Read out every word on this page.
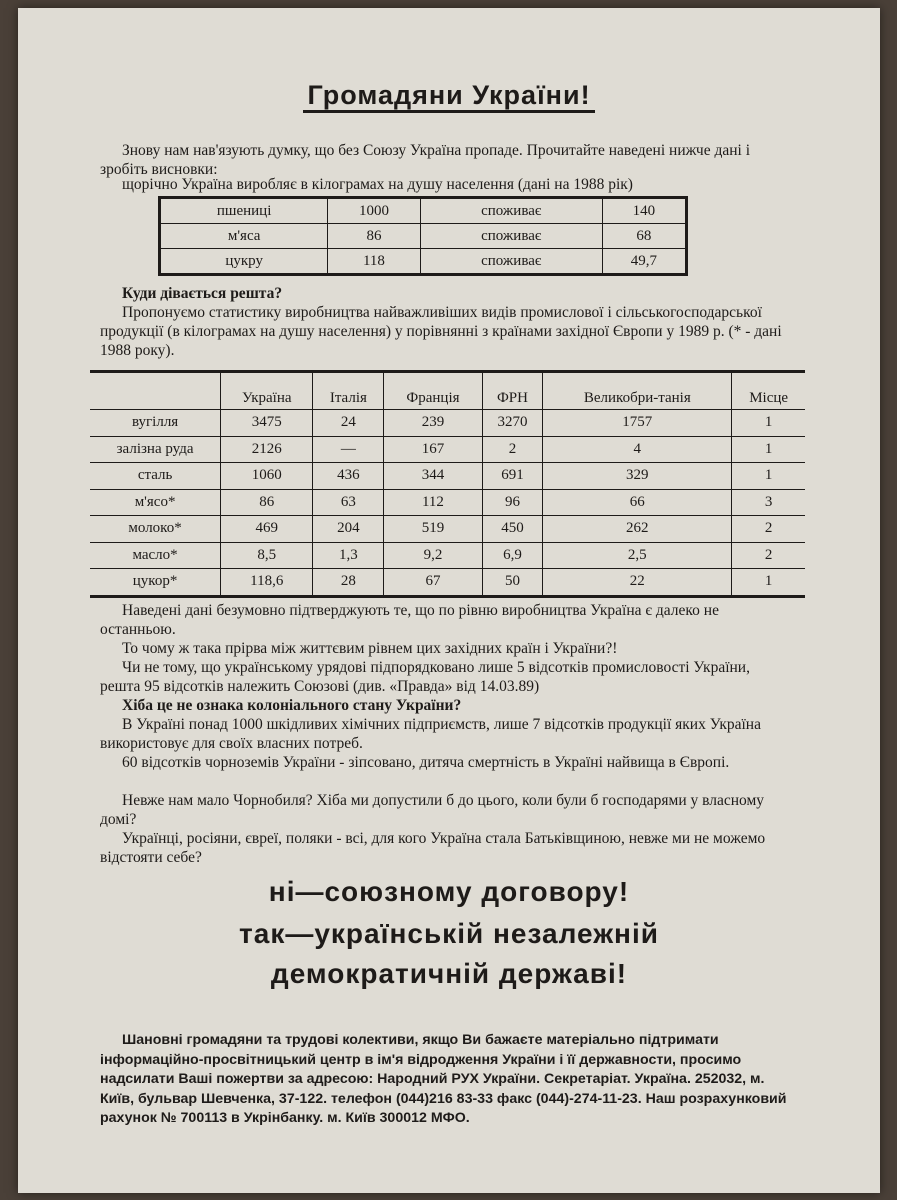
Громадяни України!
Знову нам нав'язують думку, що без Союзу Україна пропаде. Прочитайте наведені нижче дані і зробіть висновки:
щорічно Україна виробляє в кілограмах на душу населення (дані на 1988 рік)
пшениці	1000	споживає	140
м'яса	86	споживає	68
цукру	118	споживає	49,7
Куди дівається решта?
Пропонуємо статистику виробництва найважливіших видів промислової і сільськогосподарської продукції (в кілограмах на душу населення) у порівнянні з країнами західної Європи у 1989 р. (* - дані 1988 року).
	Україна	Італія	Франція	ФРН	Великобри-танія	Місце
вугілля	3475	24	239	3270	1757	1
залізна руда	2126	—	167	2	4	1
сталь	1060	436	344	691	329	1
м'ясо*	86	63	112	96	66	3
молоко*	469	204	519	450	262	2
масло*	8,5	1,3	9,2	6,9	2,5	2
цукор*	118,6	28	67	50	22	1
Наведені дані безумовно підтверджують те, що по рівню виробництва Україна є далеко не останньою.
То чому ж така прірва між життєвим рівнем цих західних країн і України?!
Чи не тому, що українському урядові підпорядковано лише 5 відсотків промисловості України, решта 95 відсотків належить Союзові (див. «Правда» від 14.03.89)
Хіба це не ознака колоніального стану України?
В Україні понад 1000 шкідливих хімічних підприємств, лише 7 відсотків продукції яких Україна використовує для своїх власних потреб.
60 відсотків чорноземів України - зіпсовано, дитяча смертність в Україні найвища в Європі.
Невже нам мало Чорнобиля? Хіба ми допустили б до цього, коли були б господарями у власному домі?
Українці, росіяни, євреї, поляки - всі, для кого Україна стала Батьківщиною, невже ми не можемо відстояти себе?
ні—союзному договору!
так—українській незалежній
демократичній державі!
Шановні громадяни та трудові колективи, якщо Ви бажаєте матеріально підтримати інформаційно-просвітницький центр в ім'я відродження України і її державности, просимо надсилати Ваші пожертви за адресою: Народний РУХ України. Секретаріат. Україна. 252032, м. Київ, бульвар Шевченка, 37-122. телефон (044)216 83-33 факс (044)-274-11-23. Наш розрахунковий рахунок № 700113 в Укрінбанку. м. Київ 300012 МФО.
